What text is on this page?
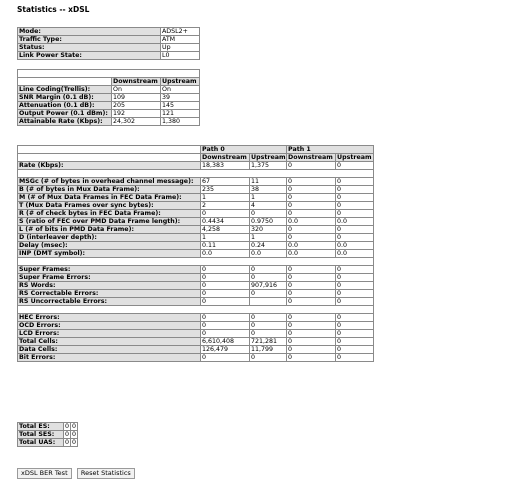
Statistics -- xDSL
Mode:	ADSL2+
Traffic Type:	ATM
Status:	Up
Link Power State:	L0

	Downstream	Upstream
Line Coding(Trellis):	On	On
SNR Margin (0.1 dB):	109	39
Attenuation (0.1 dB):	205	145
Output Power (0.1 dBm):	192	121
Attainable Rate (Kbps):	24,302	1,380
	Path 0		Path 1	
	Downstream	Upstream	Downstream	Upstream
Rate (Kbps):	18,383	1,375	0	0

MSGc (# of bytes in overhead channel message):	67	11	0	0
B (# of bytes in Mux Data Frame):	235	38	0	0
M (# of Mux Data Frames in FEC Data Frame):	1	1	0	0
T (Mux Data Frames over sync bytes):	2	4	0	0
R (# of check bytes in FEC Data Frame):	0	0	0	0
S (ratio of FEC over PMD Data Frame length):	0.4434	0.9750	0.0	0.0
L (# of bits in PMD Data Frame):	4,258	320	0	0
D (interleaver depth):	1	1	0	0
Delay (msec):	0.11	0.24	0.0	0.0
INP (DMT symbol):	0.0	0.0	0.0	0.0

Super Frames:	0	0	0	0
Super Frame Errors:	0	0	0	0
RS Words:	0	907,916	0	0
RS Correctable Errors:	0	0	0	0
RS Uncorrectable Errors:	0		0	0

HEC Errors:	0	0	0	0
OCD Errors:	0	0	0	0
LCD Errors:	0	0	0	0
Total Cells:	6,610,408	721,281	0	0
Data Cells:	126,479	11,799	0	0
Bit Errors:	0	0	0	0
Total ES:	0	0
Total SES:	0	0
Total UAS:	0	0
xDSL BER Test Reset Statistics
